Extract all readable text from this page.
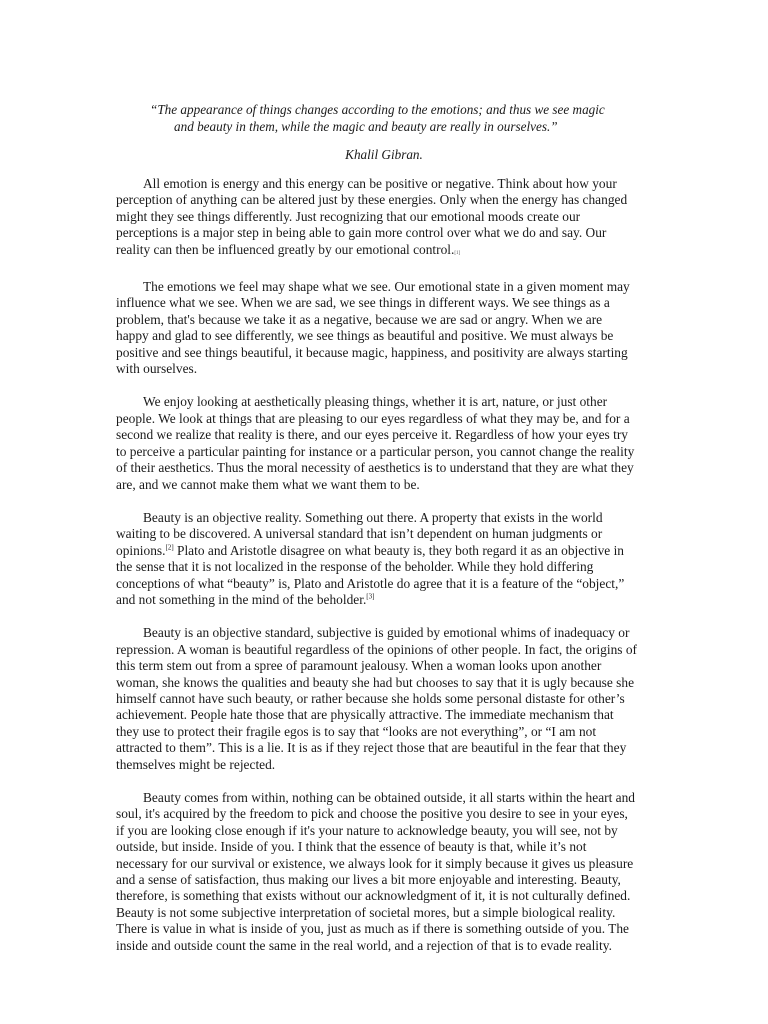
“The appearance of things changes according to the emotions; and thus we see magic
and beauty in them, while the magic and beauty are really in ourselves.”

Khalil Gibran.

All emotion is energy and this energy can be positive or negative. Think about how your perception of anything can be altered just by these energies. Only when the energy has changed might they see things differently. Just recognizing that our emotional moods create our perceptions is a major step in being able to gain more control over what we do and say. Our reality can then be influenced greatly by our emotional control.[1]

The emotions we feel may shape what we see. Our emotional state in a given moment may influence what we see. When we are sad, we see things in different ways. We see things as a problem, that's because we take it as a negative, because we are sad or angry. When we are happy and glad to see differently, we see things as beautiful and positive. We must always be positive and see things beautiful, it because magic, happiness, and positivity are always starting with ourselves.

We enjoy looking at aesthetically pleasing things, whether it is art, nature, or just other people. We look at things that are pleasing to our eyes regardless of what they may be, and for a second we realize that reality is there, and our eyes perceive it. Regardless of how your eyes try to perceive a particular painting for instance or a particular person, you cannot change the reality of their aesthetics. Thus the moral necessity of aesthetics is to understand that they are what they are, and we cannot make them what we want them to be.

Beauty is an objective reality. Something out there. A property that exists in the world waiting to be discovered. A universal standard that isn’t dependent on human judgments or opinions.[2] Plato and Aristotle disagree on what beauty is, they both regard it as an objective in the sense that it is not localized in the response of the beholder. While they hold differing conceptions of what “beauty” is, Plato and Aristotle do agree that it is a feature of the “object,” and not something in the mind of the beholder.[3]

Beauty is an objective standard, subjective is guided by emotional whims of inadequacy or repression. A woman is beautiful regardless of the opinions of other people. In fact, the origins of this term stem out from a spree of paramount jealousy. When a woman looks upon another woman, she knows the qualities and beauty she had but chooses to say that it is ugly because she himself cannot have such beauty, or rather because she holds some personal distaste for other’s achievement. People hate those that are physically attractive. The immediate mechanism that they use to protect their fragile egos is to say that “looks are not everything”, or “I am not attracted to them”. This is a lie. It is as if they reject those that are beautiful in the fear that they themselves might be rejected.

Beauty comes from within, nothing can be obtained outside, it all starts within the heart and soul, it's acquired by the freedom to pick and choose the positive you desire to see in your eyes, if you are looking close enough if it's your nature to acknowledge beauty, you will see, not by outside, but inside. Inside of you. I think that the essence of beauty is that, while it’s not necessary for our survival or existence, we always look for it simply because it gives us pleasure and a sense of satisfaction, thus making our lives a bit more enjoyable and interesting. Beauty, therefore, is something that exists without our acknowledgment of it, it is not culturally defined. Beauty is not some subjective interpretation of societal mores, but a simple biological reality. There is value in what is inside of you, just as much as if there is something outside of you. The inside and outside count the same in the real world, and a rejection of that is to evade reality.
